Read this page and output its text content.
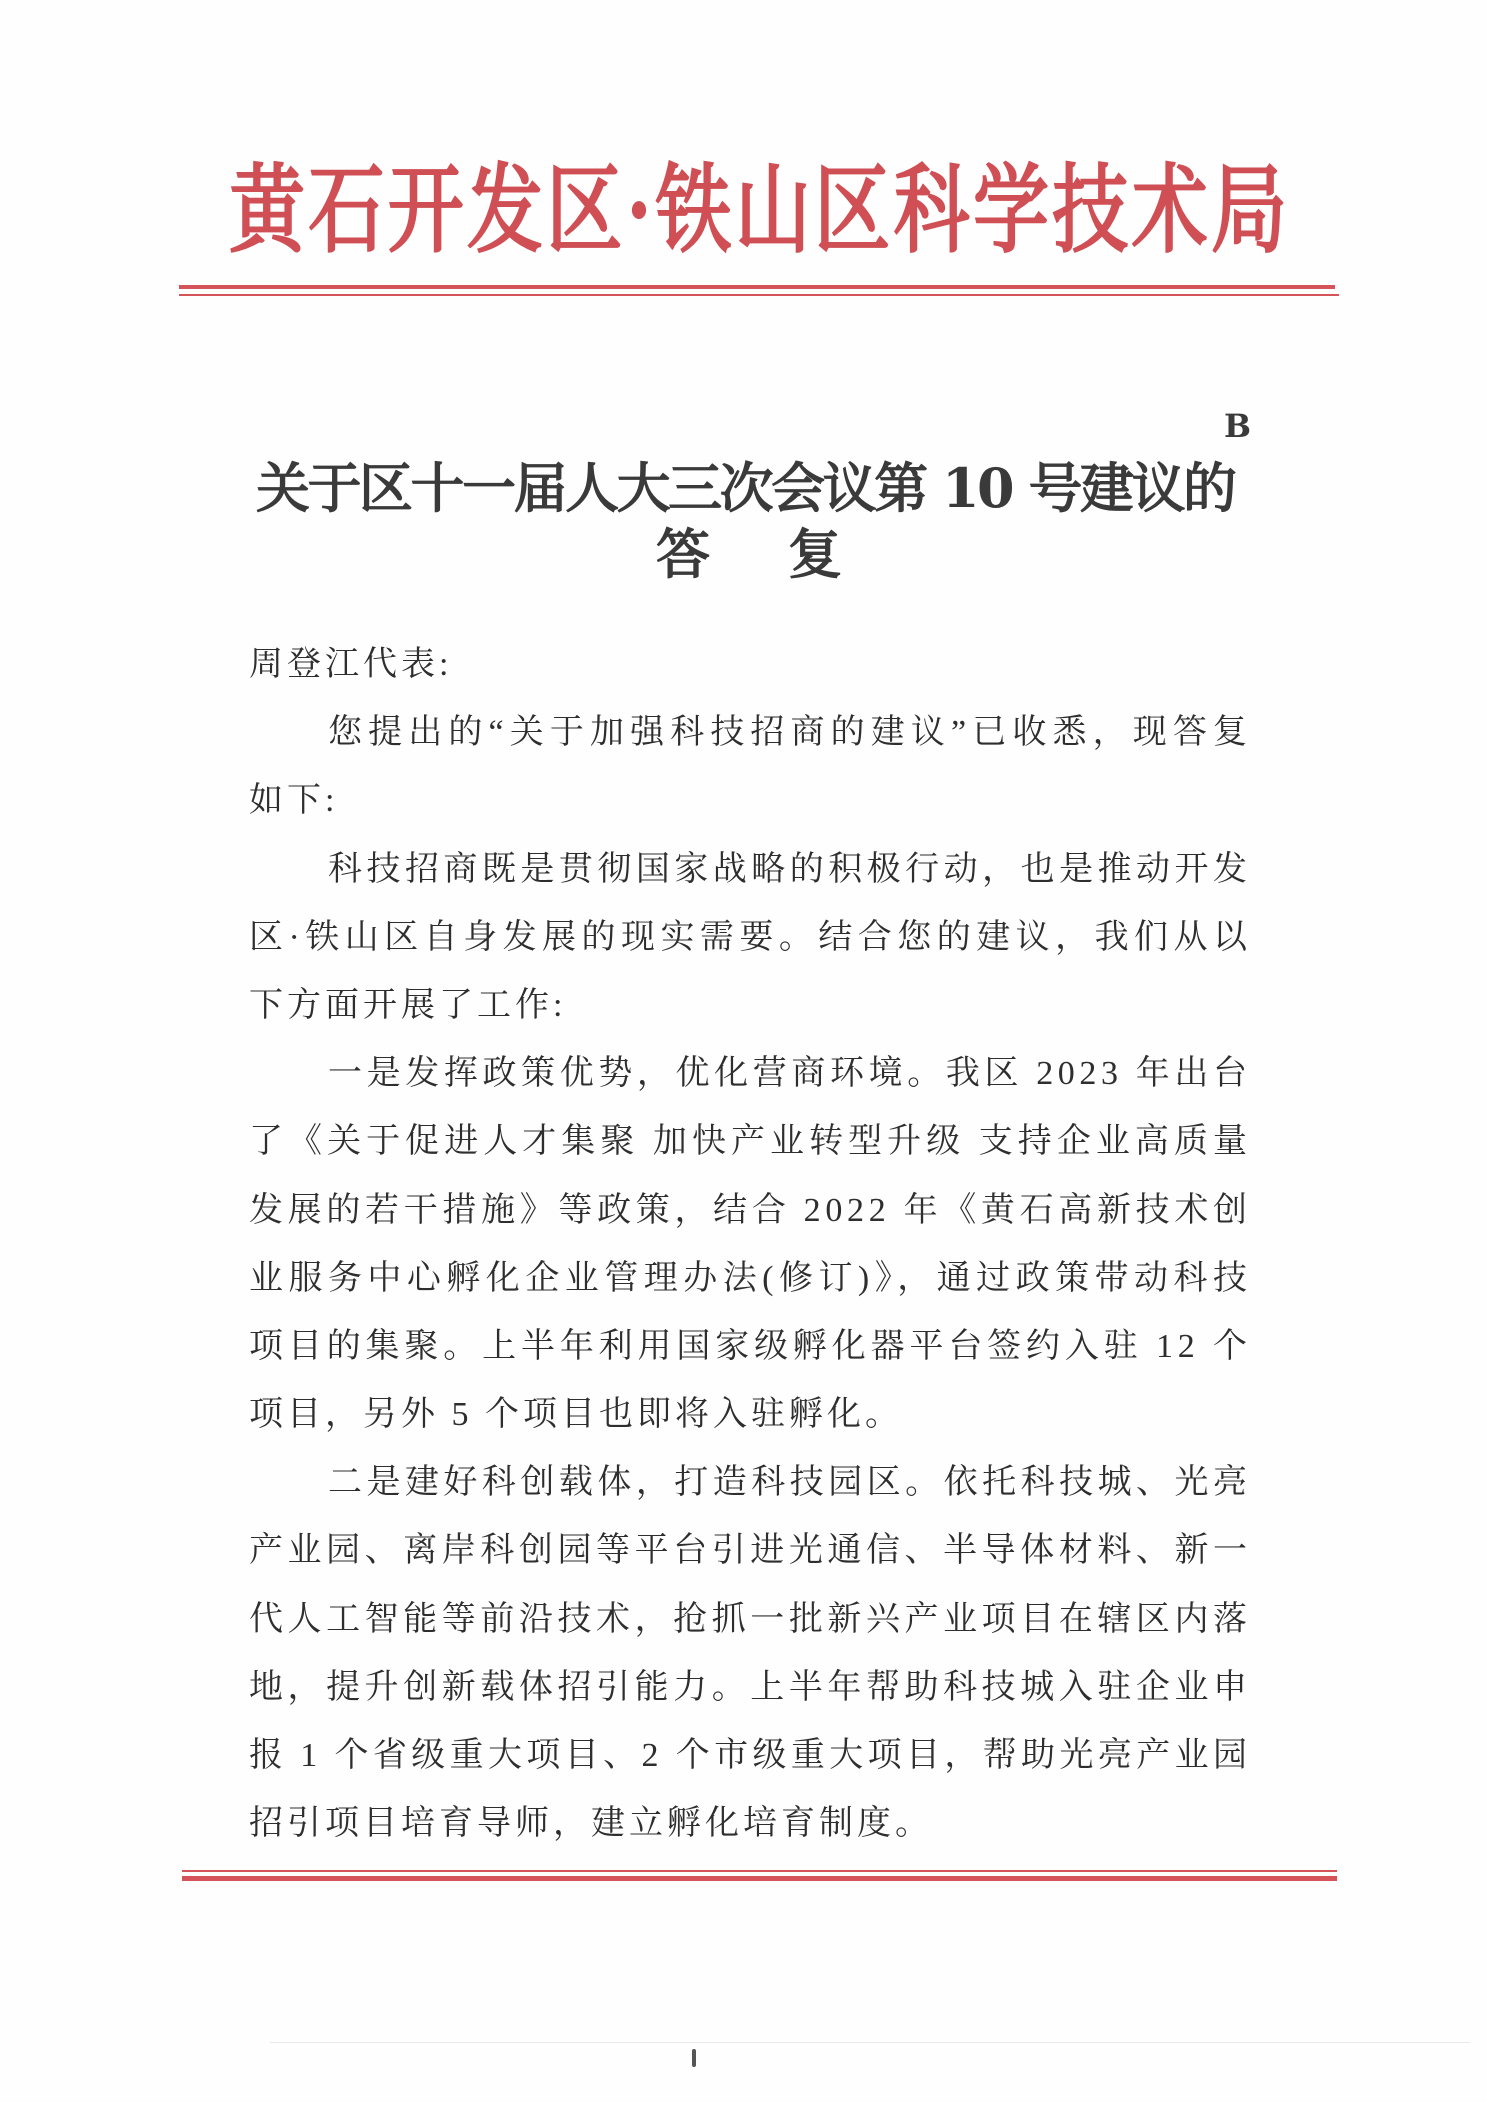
黄石开发区·铁山区科学技术局
B
关于区十一届人大三次会议第 10 号建议的
答复
周登江代表:
您提出的“关于加强科技招商的建议”已收悉，现答复
如下:
科技招商既是贯彻国家战略的积极行动，也是推动开发
区·铁山区自身发展的现实需要。结合您的建议，我们从以
下方面开展了工作:
一是发挥政策优势，优化营商环境。我区 2023 年出台
了《关于促进人才集聚 加快产业转型升级 支持企业高质量
发展的若干措施》等政策，结合 2022 年《黄石高新技术创
业服务中心孵化企业管理办法(修订)》，通过政策带动科技
项目的集聚。上半年利用国家级孵化器平台签约入驻 12 个
项目，另外 5 个项目也即将入驻孵化。
二是建好科创载体，打造科技园区。依托科技城、光亮
产业园、离岸科创园等平台引进光通信、半导体材料、新一
代人工智能等前沿技术，抢抓一批新兴产业项目在辖区内落
地，提升创新载体招引能力。上半年帮助科技城入驻企业申
报 1 个省级重大项目、2 个市级重大项目，帮助光亮产业园
招引项目培育导师，建立孵化培育制度。
